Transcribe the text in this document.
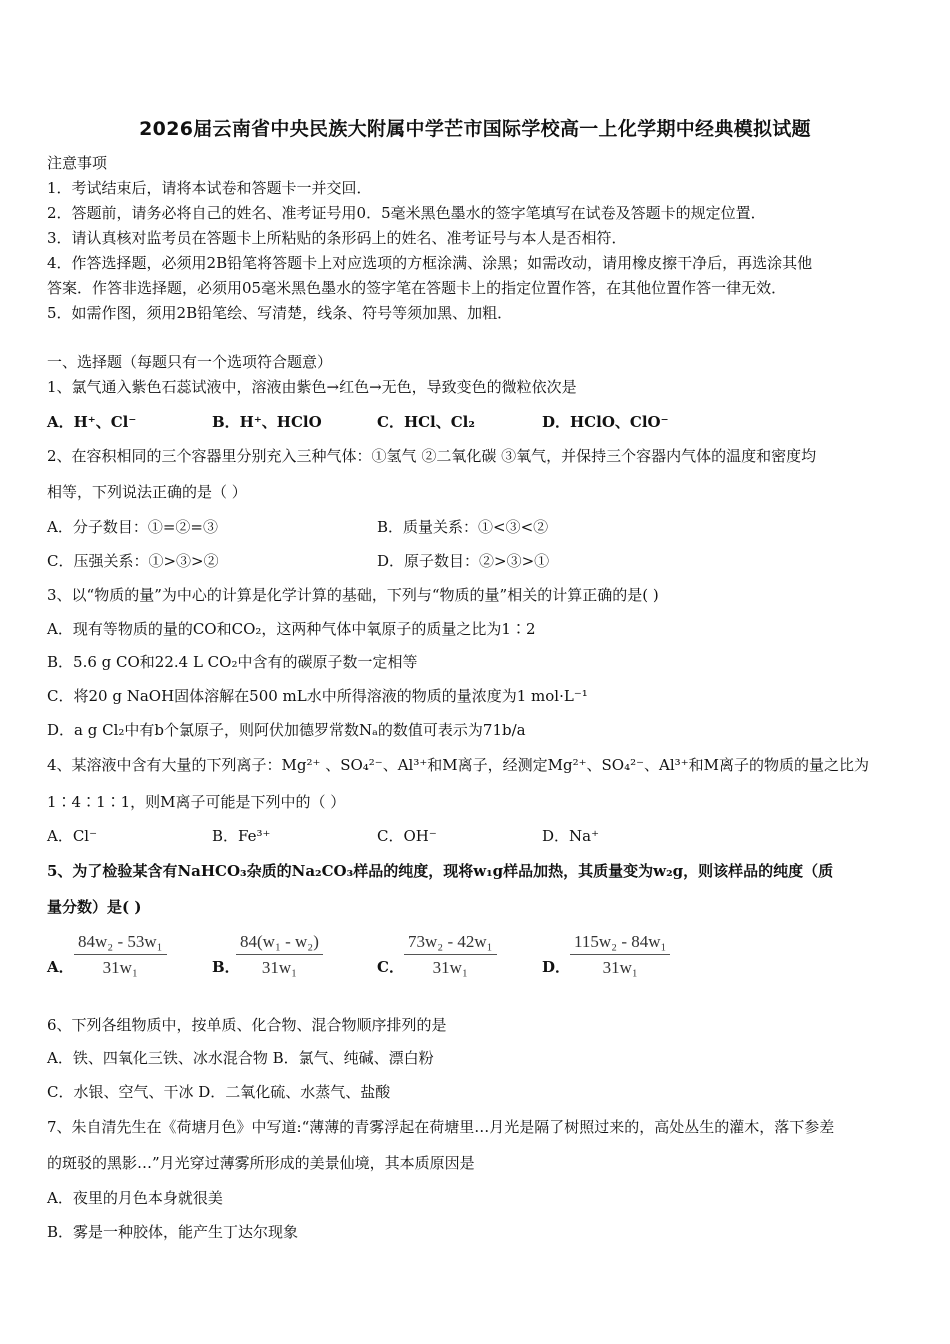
2026届云南省中央民族大附属中学芒市国际学校高一上化学期中经典模拟试题
注意事项
1．考试结束后，请将本试卷和答题卡一并交回．
2．答题前，请务必将自己的姓名、准考证号用0．5毫米黑色墨水的签字笔填写在试卷及答题卡的规定位置．
3．请认真核对监考员在答题卡上所粘贴的条形码上的姓名、准考证号与本人是否相符．
4．作答选择题，必须用2B铅笔将答题卡上对应选项的方框涂满、涂黑；如需改动，请用橡皮擦干净后，再选涂其他
答案．作答非选择题，必须用05毫米黑色墨水的签字笔在答题卡上的指定位置作答，在其他位置作答一律无效．
5．如需作图，须用2B铅笔绘、写清楚，线条、符号等须加黑、加粗．
一、选择题（每题只有一个选项符合题意）
1、氯气通入紫色石蕊试液中，溶液由紫色→红色→无色，导致变色的微粒依次是
A．H⁺、Cl⁻	B．H⁺、HClO	C．HCl、Cl₂	D．HClO、ClO⁻
2、在容积相同的三个容器里分别充入三种气体：①氢气 ②二氧化碳 ③氧气，并保持三个容器内气体的温度和密度均
相等，下列说法正确的是（ ）
A．分子数目：①=②=③	B．质量关系：①<③<②
C．压强关系：①>③>②	D．原子数目：②>③>①
3、以“物质的量”为中心的计算是化学计算的基础，下列与“物质的量”相关的计算正确的是( )
A．现有等物质的量的CO和CO₂，这两种气体中氧原子的质量之比为1∶2
B．5.6 g CO和22.4 L CO₂中含有的碳原子数一定相等
C．将20 g NaOH固体溶解在500 mL水中所得溶液的物质的量浓度为1 mol·L⁻¹
D．a g Cl₂中有b个氯原子，则阿伏加德罗常数Nₐ的数值可表示为71b/a
4、某溶液中含有大量的下列离子：Mg²⁺ 、SO₄²⁻、Al³⁺和M离子，经测定Mg²⁺、SO₄²⁻、Al³⁺和M离子的物质的量之比为
1∶4∶1∶1，则M离子可能是下列中的（ ）
A．Cl⁻	B．Fe³⁺	C．OH⁻	D．Na⁺
5、为了检验某含有NaHCO₃杂质的Na₂CO₃样品的纯度，现将w₁g样品加热，其质量变为w₂g，则该样品的纯度（质
量分数）是( )
A． $\frac{\text{84w₂ - 53w₁}}{\text{31w₁}}$	B．
$\frac{\text{84(w₁ - w₂)}}{\text{31w₁}}$	C． $\frac{\text{73w₂ - 42w₁}}{\text{31w₁}}$	D． $\frac{\text{115w₂ - 84w₁}}{\text{31w₁}}$
6、下列各组物质中，按单质、化合物、混合物顺序排列的是
A．铁、四氧化三铁、冰水混合物 B．氯气、纯碱、漂白粉
C．水银、空气、干冰 D．二氧化硫、水蒸气、盐酸
7、朱自清先生在《荷塘月色》中写道:“薄薄的青雾浮起在荷塘里…月光是隔了树照过来的，高处丛生的灌木，落下参差
的斑驳的黑影…”月光穿过薄雾所形成的美景仙境，其本质原因是
A．夜里的月色本身就很美
B．雾是一种胶体，能产生丁达尔现象
